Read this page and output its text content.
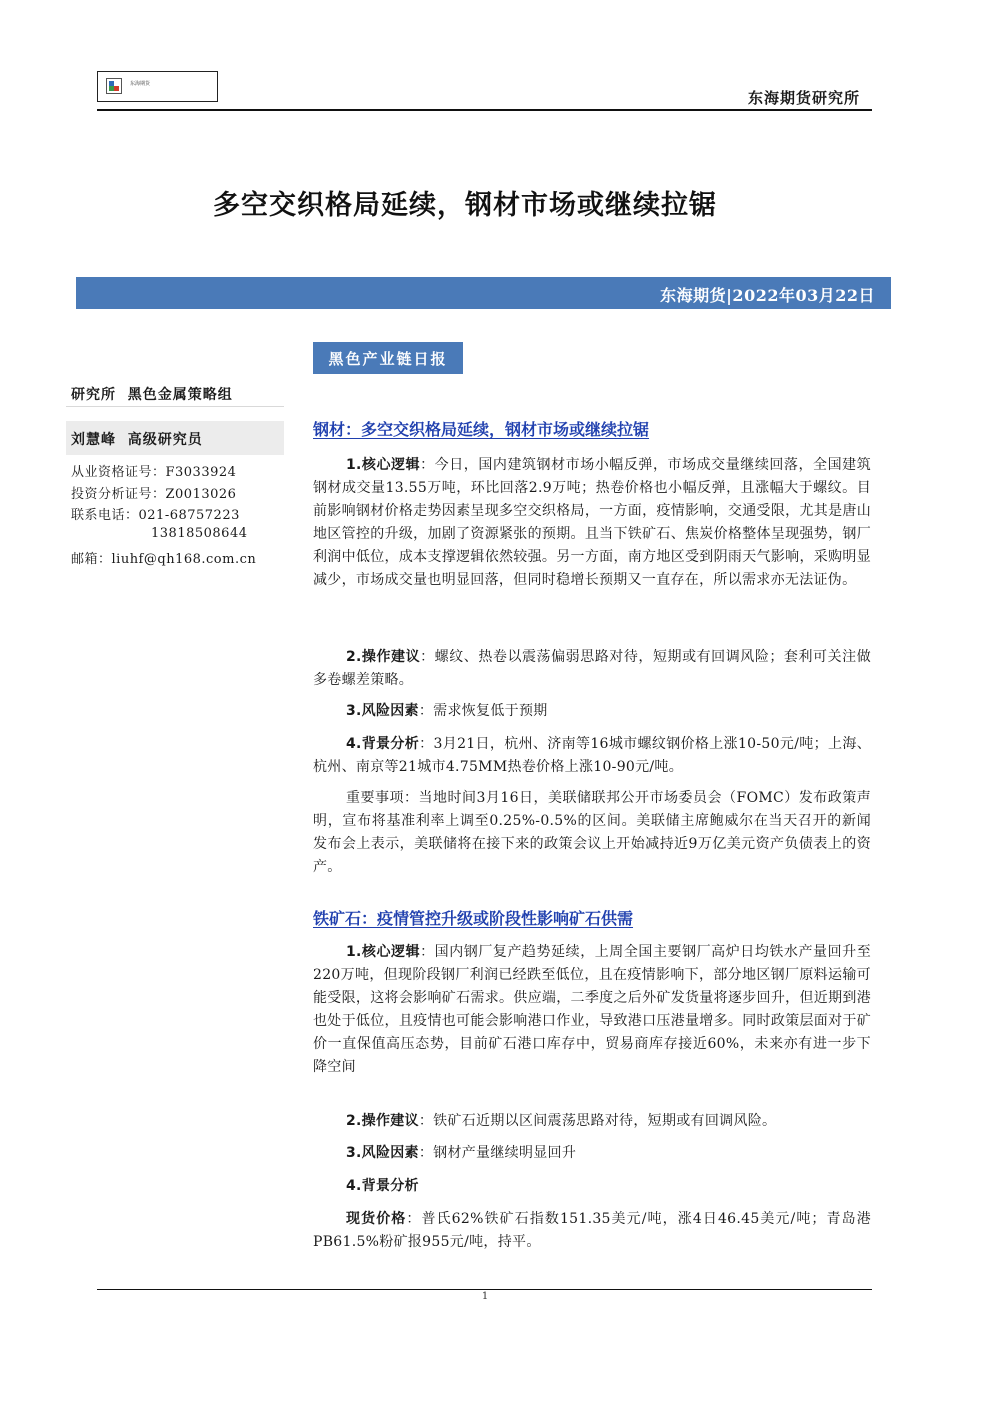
东海期货
东海期货研究所
多空交织格局延续，钢材市场或继续拉锯
东海期货|2022年03月22日
黑色产业链日报
研究所  黑色金属策略组
刘慧峰  高级研究员
从业资格证号：F3033924
投资分析证号：Z0013026
联系电话：021-68757223
13818508644
邮箱：liuhf@qh168.com.cn
钢材：多空交织格局延续，钢材市场或继续拉锯

1.核心逻辑：今日，国内建筑钢材市场小幅反弹，市场成交量继续回落，全国建筑钢材成交量13.55万吨，环比回落2.9万吨；热卷价格也小幅反弹，且涨幅大于螺纹。目前影响钢材价格走势因素呈现多空交织格局，一方面，疫情影响，交通受限，尤其是唐山地区管控的升级，加剧了资源紧张的预期。且当下铁矿石、焦炭价格整体呈现强势，钢厂利润中低位，成本支撑逻辑依然较强。另一方面，南方地区受到阴雨天气影响，采购明显减少，市场成交量也明显回落，但同时稳增长预期又一直存在，所以需求亦无法证伪。

2.操作建议：螺纹、热卷以震荡偏弱思路对待，短期或有回调风险；套利可关注做多卷螺差策略。

3.风险因素：需求恢复低于预期

4.背景分析：3月21日，杭州、济南等16城市螺纹钢价格上涨10-50元/吨；上海、杭州、南京等21城市4.75MM热卷价格上涨10-90元/吨。

重要事项：当地时间3月16日，美联储联邦公开市场委员会（FOMC）发布政策声明，宣布将基准利率上调至0.25%-0.5%的区间。美联储主席鲍威尔在当天召开的新闻发布会上表示，美联储将在接下来的政策会议上开始减持近9万亿美元资产负债表上的资产。

铁矿石：疫情管控升级或阶段性影响矿石供需

1.核心逻辑：国内钢厂复产趋势延续，上周全国主要钢厂高炉日均铁水产量回升至220万吨，但现阶段钢厂利润已经跌至低位，且在疫情影响下，部分地区钢厂原料运输可能受限，这将会影响矿石需求。供应端，二季度之后外矿发货量将逐步回升，但近期到港也处于低位，且疫情也可能会影响港口作业，导致港口压港量增多。同时政策层面对于矿价一直保值高压态势，目前矿石港口库存中，贸易商库存接近60%，未来亦有进一步下降空间

2.操作建议：铁矿石近期以区间震荡思路对待，短期或有回调风险。

3.风险因素：钢材产量继续明显回升

4.背景分析

现货价格：普氏62%铁矿石指数151.35美元/吨，涨4日46.45美元/吨；青岛港PB61.5%粉矿报955元/吨，持平。

1
